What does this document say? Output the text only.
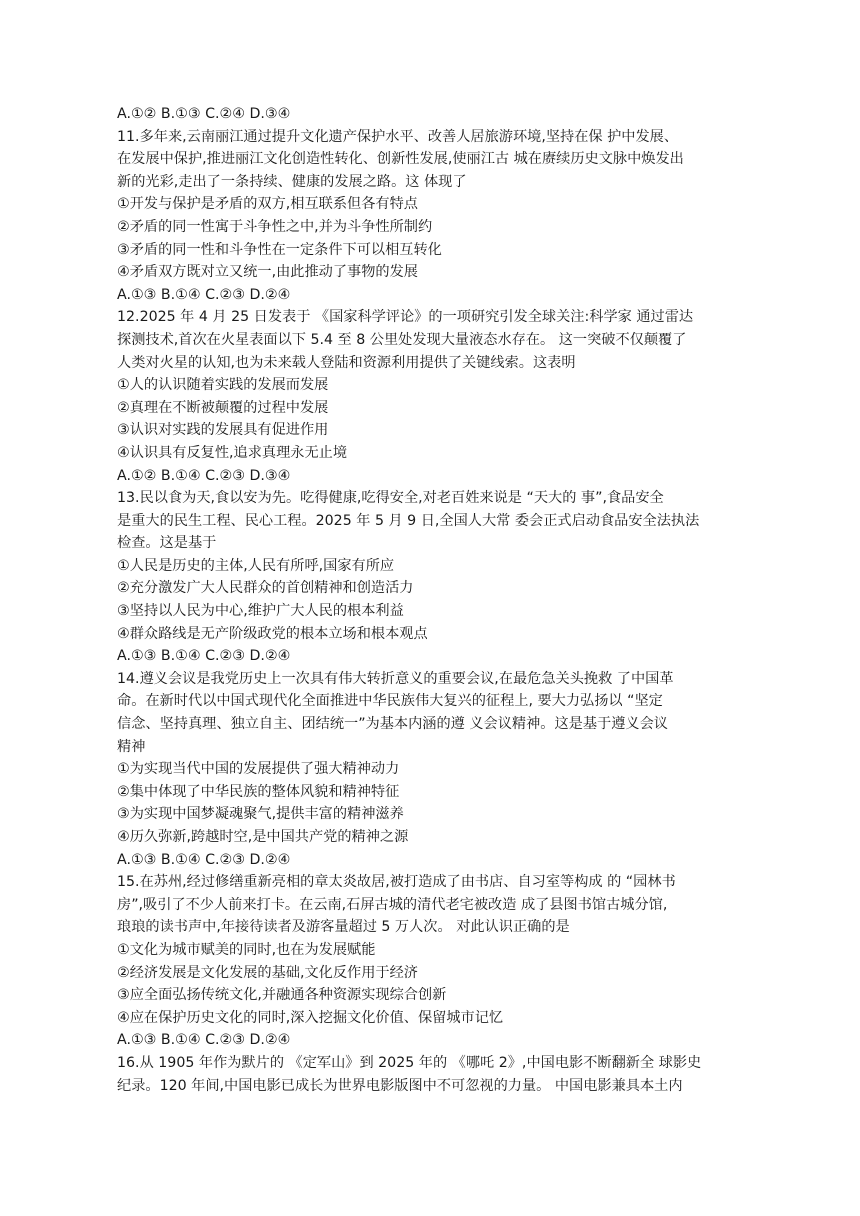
A.①② B.①③ C.②④ D.③④
11.多年来,云南丽江通过提升文化遗产保护水平、改善人居旅游环境,坚持在保 护中发展、
在发展中保护,推进丽江文化创造性转化、创新性发展,使丽江古 城在赓续历史文脉中焕发出
新的光彩,走出了一条持续、健康的发展之路。这 体现了
①开发与保护是矛盾的双方,相互联系但各有特点
②矛盾的同一性寓于斗争性之中,并为斗争性所制约
③矛盾的同一性和斗争性在一定条件下可以相互转化
④矛盾双方既对立又统一,由此推动了事物的发展
A.①③ B.①④ C.②③ D.②④
12.2025 年 4 月 25 日发表于 《国家科学评论》的一项研究引发全球关注:科学家 通过雷达
探测技术,首次在火星表面以下 5.4 至 8 公里处发现大量液态水存在。 这一突破不仅颠覆了
人类对火星的认知,也为未来载人登陆和资源利用提供了关键线索。这表明
①人的认识随着实践的发展而发展
②真理在不断被颠覆的过程中发展
③认识对实践的发展具有促进作用
④认识具有反复性,追求真理永无止境
A.①② B.①④ C.②③ D.③④
13.民以食为天,食以安为先。吃得健康,吃得安全,对老百姓来说是 “天大的 事”,食品安全
是重大的民生工程、民心工程。2025 年 5 月 9 日,全国人大常 委会正式启动食品安全法执法
检查。这是基于
①人民是历史的主体,人民有所呼,国家有所应
②充分激发广大人民群众的首创精神和创造活力
③坚持以人民为中心,维护广大人民的根本利益
④群众路线是无产阶级政党的根本立场和根本观点
A.①③ B.①④ C.②③ D.②④
14.遵义会议是我党历史上一次具有伟大转折意义的重要会议,在最危急关头挽救 了中国革
命。在新时代以中国式现代化全面推进中华民族伟大复兴的征程上, 要大力弘扬以 “坚定
信念、坚持真理、独立自主、团结统一”为基本内涵的遵 义会议精神。这是基于遵义会议
精神
①为实现当代中国的发展提供了强大精神动力
②集中体现了中华民族的整体风貌和精神特征
③为实现中国梦凝魂聚气,提供丰富的精神滋养
④历久弥新,跨越时空,是中国共产党的精神之源
A.①③ B.①④ C.②③ D.②④
15.在苏州,经过修缮重新亮相的章太炎故居,被打造成了由书店、自习室等构成 的 “园林书
房”,吸引了不少人前来打卡。在云南,石屏古城的清代老宅被改造 成了县图书馆古城分馆,
琅琅的读书声中,年接待读者及游客量超过 5 万人次。 对此认识正确的是
①文化为城市赋美的同时,也在为发展赋能
②经济发展是文化发展的基础,文化反作用于经济
③应全面弘扬传统文化,并融通各种资源实现综合创新
④应在保护历史文化的同时,深入挖掘文化价值、保留城市记忆
A.①③ B.①④ C.②③ D.②④
16.从 1905 年作为默片的 《定军山》到 2025 年的 《哪吒 2》,中国电影不断翻新全 球影史
纪录。120 年间,中国电影已成长为世界电影版图中不可忽视的力量。 中国电影兼具本土内
